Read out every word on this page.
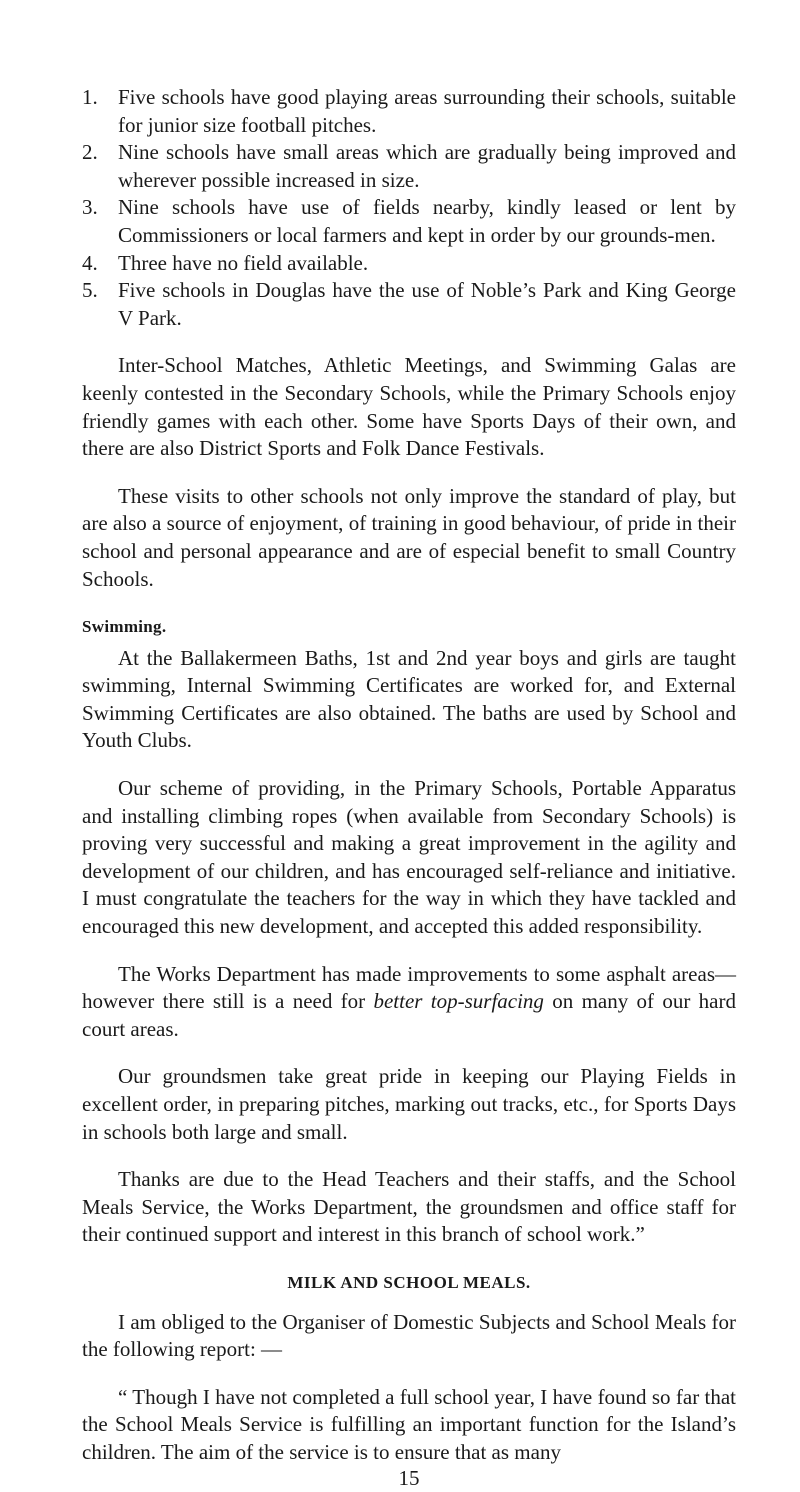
1. Five schools have good playing areas surrounding their schools, suitable for junior size football pitches.
2. Nine schools have small areas which are gradually being improved and wherever possible increased in size.
3. Nine schools have use of fields nearby, kindly leased or lent by Commissioners or local farmers and kept in order by our grounds-men.
4. Three have no field available.
5. Five schools in Douglas have the use of Noble’s Park and King George V Park.

Inter-School Matches, Athletic Meetings, and Swimming Galas are keenly contested in the Secondary Schools, while the Primary Schools enjoy friendly games with each other. Some have Sports Days of their own, and there are also District Sports and Folk Dance Festivals.

These visits to other schools not only improve the standard of play, but are also a source of enjoyment, of training in good behaviour, of pride in their school and personal appearance and are of especial benefit to small Country Schools.

Swimming.

At the Ballakermeen Baths, 1st and 2nd year boys and girls are taught swimming, Internal Swimming Certificates are worked for, and External Swimming Certificates are also obtained. The baths are used by School and Youth Clubs.

Our scheme of providing, in the Primary Schools, Portable Apparatus and installing climbing ropes (when available from Secondary Schools) is proving very successful and making a great improvement in the agility and development of our children, and has encouraged self-reliance and initiative. I must congratulate the teachers for the way in which they have tackled and encouraged this new development, and accepted this added responsibility.

The Works Department has made improvements to some asphalt areas—however there still is a need for better top-surfacing on many of our hard court areas.

Our groundsmen take great pride in keeping our Playing Fields in excellent order, in preparing pitches, marking out tracks, etc., for Sports Days in schools both large and small.

Thanks are due to the Head Teachers and their staffs, and the School Meals Service, the Works Department, the groundsmen and office staff for their continued support and interest in this branch of school work.”

MILK AND SCHOOL MEALS.

I am obliged to the Organiser of Domestic Subjects and School Meals for the following report: —

“ Though I have not completed a full school year, I have found so far that the School Meals Service is fulfilling an important function for the Island’s children. The aim of the service is to ensure that as many

15
